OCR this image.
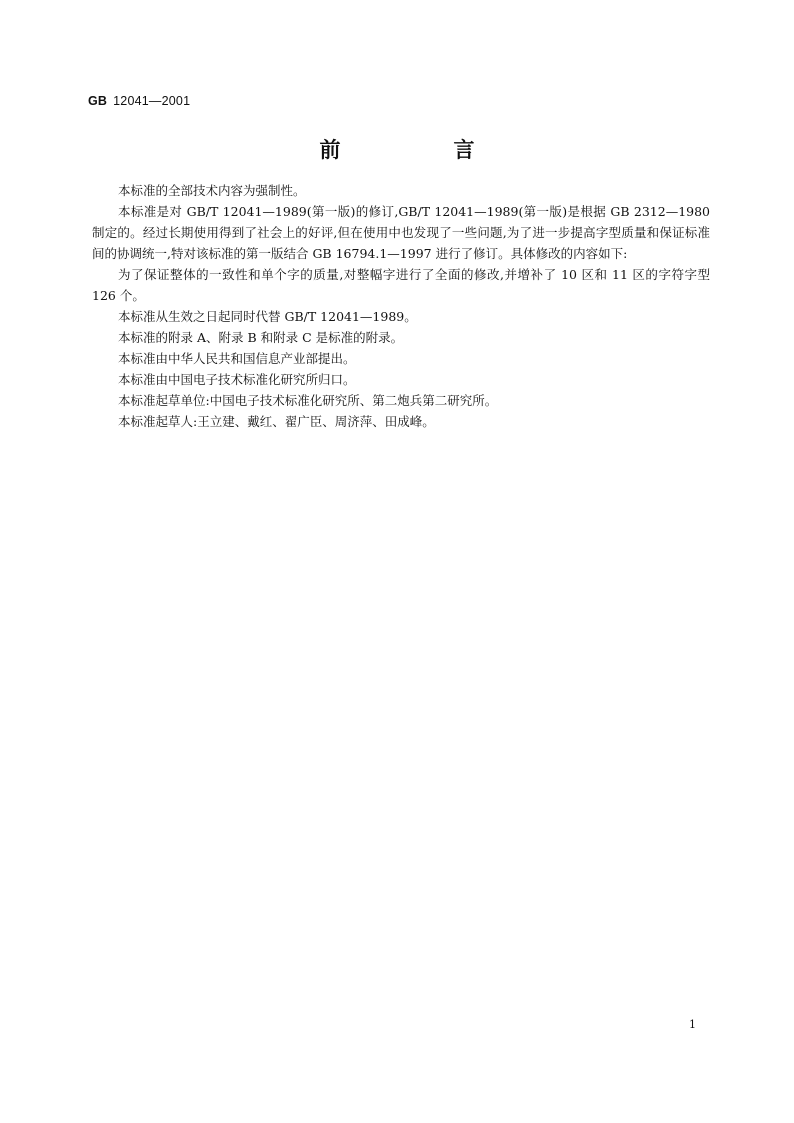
GB 12041—2001
前　言

本标准的全部技术内容为强制性。

本标准是对 GB/T 12041—1989(第一版)的修订,GB/T 12041—1989(第一版)是根据 GB 2312—1980 制定的。经过长期使用得到了社会上的好评,但在使用中也发现了一些问题,为了进一步提高字型质量和保证标准间的协调统一,特对该标准的第一版结合 GB 16794.1—1997 进行了修订。具体修改的内容如下:

为了保证整体的一致性和单个字的质量,对整幅字进行了全面的修改,并增补了 10 区和 11 区的字符字型 126 个。

本标准从生效之日起同时代替 GB/T 12041—1989。

本标准的附录 A、附录 B 和附录 C 是标准的附录。

本标准由中华人民共和国信息产业部提出。

本标准由中国电子技术标准化研究所归口。

本标准起草单位:中国电子技术标准化研究所、第二炮兵第二研究所。

本标准起草人:王立建、戴红、翟广臣、周济萍、田成峰。

1
